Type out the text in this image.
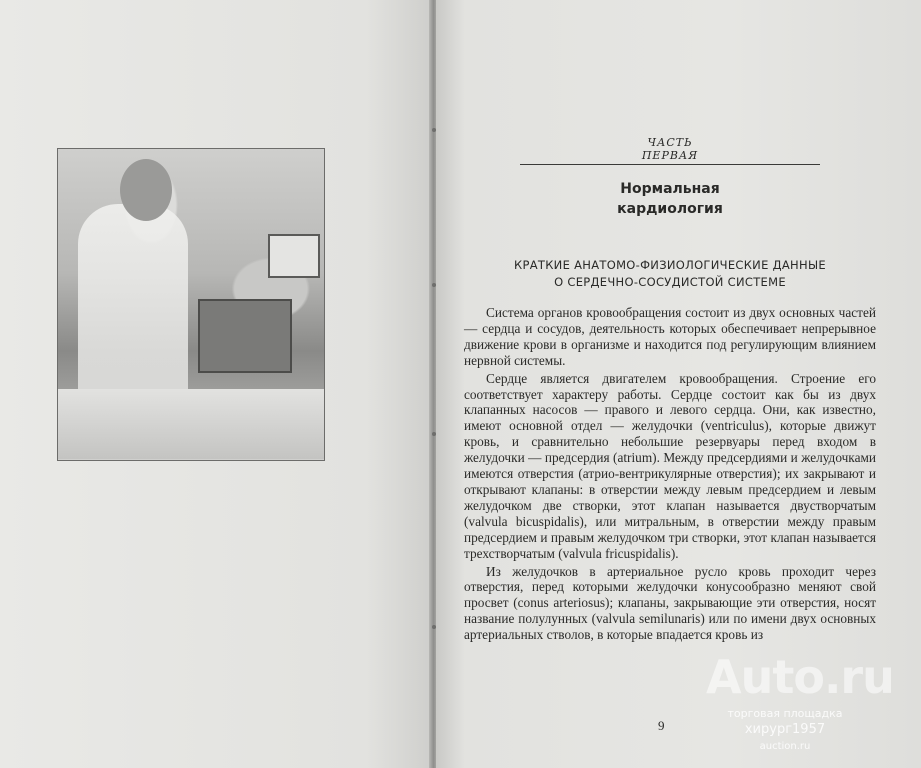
ЧАСТЬ
ПЕРВАЯ
Нормальная
кардиология
КРАТКИЕ АНАТОМО-ФИЗИОЛОГИЧЕСКИЕ ДАННЫЕ
О СЕРДЕЧНО-СОСУДИСТОЙ СИСТЕМЕ

Система органов кровообращения состоит из двух основных частей — сердца и сосудов, деятельность которых обеспечивает непрерывное движение крови в организме и находится под регулирующим влиянием нервной системы.

Сердце является двигателем кровообращения. Строение его соответствует характеру работы. Сердце состоит как бы из двух клапанных насосов — правого и левого сердца. Они, как известно, имеют основной отдел — желудочки (ventriculus), которые движут кровь, и сравнительно небольшие резервуары перед входом в желудочки — предсердия (atrium). Между предсердиями и желудочками имеются отверстия (атрио-вентрикулярные отверстия); их закрывают и открывают клапаны: в отверстии между левым предсердием и левым желудочком две створки, этот клапан называется двустворчатым (valvula bicuspidalis), или митральным, в отверстии между правым предсердием и правым желудочком три створки, этот клапан называется трехстворчатым (valvula fricuspidalis).

Из желудочков в артериальное русло кровь проходит через отверстия, перед которыми желудочки конусообразно меняют свой просвет (conus arteriosus); клапаны, закрывающие эти отверстия, носят название полулунных (valvula semilunaris) или по имени двух основных артериальных стволов, в которые впадается кровь из

9
Auto.ru
торговая площадка
хирург1957
auction.ru
